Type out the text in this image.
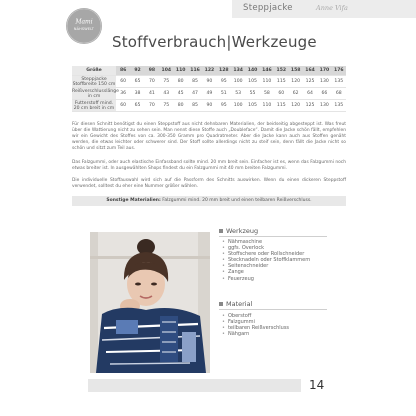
Mami
NÄHSWELT
Steppjacke	Anne Vifa
Stoffverbrauch|Werkzeuge
Größe	86	92	98	104	110	116	122	128	134	140	146	152	158	164	170	176
Steppjacke Stoffbreite 150 cm	60	65	70	75	80	85	90	95	100	105	110	115	120	125	130	135
Reißverschlusslänge in cm	36	38	41	43	45	47	49	51	53	55	58	60	62	64	66	68
Futterstoff mind. 20 cm breit in cm	60	65	70	75	80	85	90	95	100	105	110	115	120	125	130	135

Für diesen Schnitt benötigst du einen Steppstoff aus nicht dehnbaren Materialien, der beidseitig abgesteppt ist. Was freut über die Wattierung nicht zu sehen sein. Man nennt diese Stoffe auch „Doubleface“. Damit die Jacke schön fällt, empfehlen wir ein Gewicht des Stoffes von ca. 300-350 Gramm pro Quadratmeter. Aber die Jacke kann auch aus Stoffen genäht werden, die etwas leichter oder schwerer sind. Der Stoff sollte allerdings nicht zu steif sein, denn fällt die Jacke nicht so schön und sitzt zum Teil aus.

Das Falzgummi, oder auch elastische Einfassband sollte mind. 20 mm breit sein. Einfacher ist es, wenn das Falzgummi noch etwas breiter ist. In ausgewählten Shops findest du ein Falzgummi mit 40 mm breiten Falzgummi.

Die individuelle Stoffauswahl wird sich auf die Passform des Schnitts auswirken. Wenn du einen dickeren Steppstoff verwendet, solltest du eher eine Nummer größer wählen.

Sonstige Materialien: Falzgummi mind. 20 mm breit und einen teilbaren Reißverschluss.
Werkzeug
• Nähmaschine
• ggfs. Overlock
• Stoffschere oder Rollschneider
• Stecknadeln oder Stoffklammern
• Seitenschneider
• Zange
• Feuerzeug
Material
• Oberstoff
• Falzgummi
• teilbaren Reißverschluss
• Nähgarn
14
